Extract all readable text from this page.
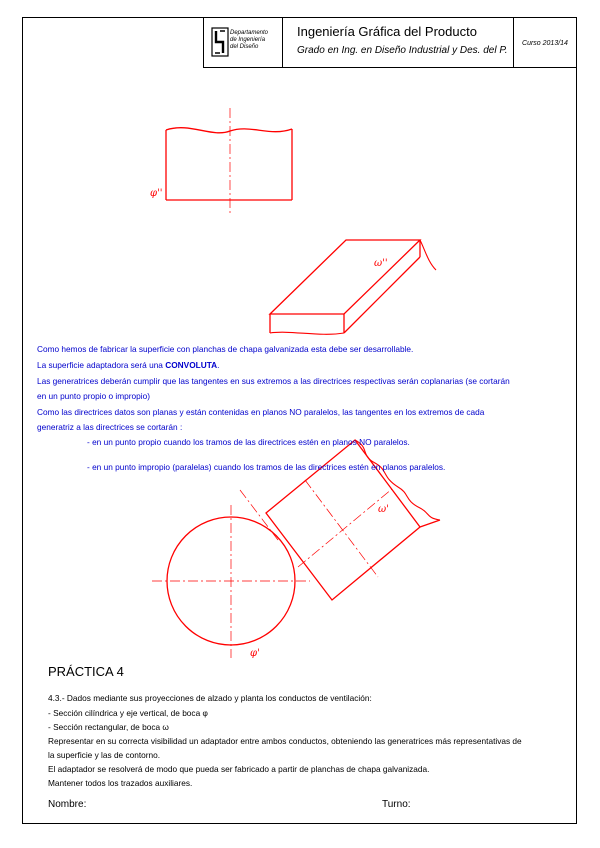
Departamento
de Ingeniería
del Diseño
Ingeniería Gráfica del Producto
Grado en Ing. en Diseño Industrial y Des. del P.
Curso 2013/14
φ''
ω''
ω'
φ'
Como hemos de fabricar la superficie con planchas de chapa galvanizada esta debe ser desarrollable.
La superficie adaptadora será una CONVOLUTA.
Las generatrices deberán cumplir que las tangentes en sus extremos a las directrices respectivas serán coplanarias (se cortarán
en un punto propio o impropio)
Como las directrices datos son planas y están contenidas en planos NO paralelos, las tangentes en los extremos de cada
generatriz a las directrices se cortarán :
- en un punto propio cuando los tramos de las directrices estén en planos NO paralelos.
- en un punto impropio (paralelas) cuando los tramos de las directrices estén en planos paralelos.
PRÁCTICA 4
4.3.- Dados mediante sus proyecciones de alzado y planta los conductos de ventilación:
- Sección cilíndrica y eje vertical, de boca φ
- Sección rectangular, de boca ω
Representar en su correcta visibilidad un adaptador entre ambos conductos, obteniendo las generatrices más representativas de
la superficie y las de contorno.
El adaptador se resolverá de modo que pueda ser fabricado a partir de planchas de chapa galvanizada.
Mantener todos los trazados auxiliares.
Nombre:	Turno:
